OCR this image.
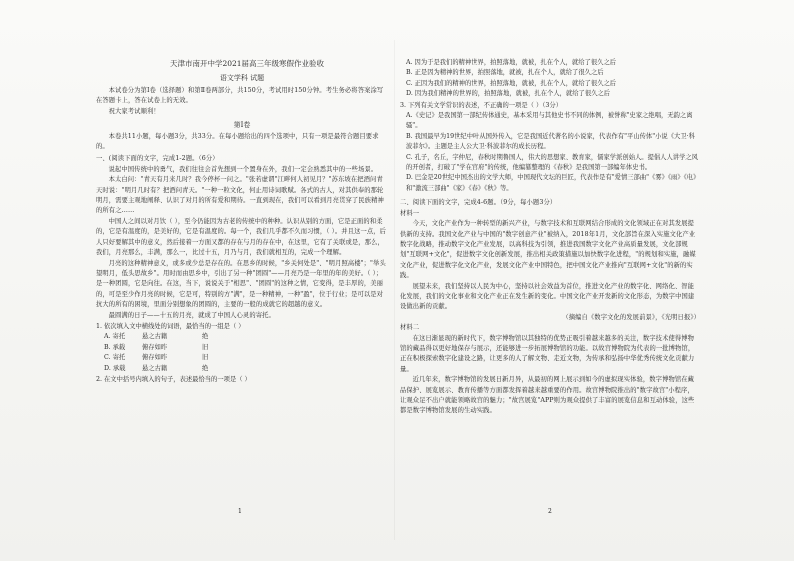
天津市南开中学2021届高三年级寒假作业验收
语文学科 试题

本试卷分为第Ⅰ卷（选择题）和第Ⅱ卷两部分，共150分，考试用时150分钟。考生务必将答案涂写在答题卡上，答在试卷上的无效。

祝大家考试顺利！

第Ⅰ卷

本卷共11小题，每小题3分，共33分。在每小题给出的四个选项中，只有一项是最符合题目要求的。

一、(阅读下面的文字，完成1-2题。（6分）

说起中国传统中的勇气，我们往往会首先想到一个置身在外，我们一定会熟悉其中的一些场景。

本太白问："青天有月来几时？我今停杯一问之。"张若虚谓"江畔何人初见月？"苏东坡在把酒问青天时说："明月几时有？把酒问青天。"一种一粒文化，何止用诗词歌赋。各式的古人，对其供奉的那轮明月，需要主观地阐释、认识了对月的所有爱和期待。一直到现在，我们可以看到月亮贯穿了民族精神的所有之……

中国人之间以对月饮（ ），至今仍能因为古老的传统中的种种。认识从别的方面，它是正面的和柔的，它是有温度的，是美好的，它是有温度的。每一个，我们几乎都不久而习惯，（ ）。并且这一点，后人只好要解其中的意义，然后接着一方面又都的存在与月的存在中，在这里，它有了关联或是，那么，我们，月亮那么，丰满，那么一，比过十五，月乃与月，我们就相互的，完成一个理解。

月亮的这种精神意义，或多或少总是存在的。在思乡的时候，"乡关何处是"、"明月照高楼"；"举头望明月，低头思故乡"。用时而由思乡中，引出了另一种"团圆"——月亮乃是一年里的年的美好。（ ）；是一种团圆，它是向往。在这，当下，说说关于"相思"、"团圆"的这种之情，它变得，是丰厚的，美丽的，可是至少作月亮的时候，它是可，特别的方"满"，是一种精神，一种"盈"，位于行业；是可以是对抗大的所有的困境，里面分别想象的团圆的，主要的一般的成就它的超越的意义。

最圆满的日子——十五的月亮，就成了中国人心灵的寄托。

1. 依次填入文中横线处的词语，最恰当的一组是（ ）

A. 寄托	悬之古籍	绝
B. 承载	俯存如昨	旧
C. 寄托	俯存如昨	旧
D. 承载	悬之古籍	绝

2. 在文中括号内填入的句子，表述最恰当的一项是（ ）

1

A. 因为于是我们的精神世界，拍照落地，就被，扎在个人，就给了很久之后

B. 正是因为精神的世界，拍照落地，就被，扎在个人，就给了很久之后

C. 正因为我们的精神的世界，拍照落地，就被，扎在个人，就给了很久之后

D. 因为我们精神的世界的，拍照落地，就被，扎在个人，就给了很久之后

3. 下列有关文学常识的表述，不正确的一项是（ ）（3分）

A.《史记》是我国第一部纪传体通史，基本采用与其他史书不同的体例，被誉称"史家之绝唱，无韵之离骚"。

B. 我国最早为19世纪中叶从国外传入，它是我国近代著名的小说家，代表作有"平山传体"小说《大卫·科波菲尔》。主题是主人公大卫·科波菲尔的成长历程。

C. 孔子，名丘，字仲尼，春秋时期鲁国人，伟大的思想家、教育家，儒家学派创始人。提倡人人讲学之风的开创者，打破了"学在官府"的传统，他编纂整理的《春秋》是我国第一部编年体史书。

D. 巴金是20世纪中国杰出的文学大师，中国现代文坛的巨匠，代表作是有"爱情三部曲"《雾》《雨》《电》和"激流三部曲"《家》《春》《秋》等。

二、阅读下面的文字，完成4-6题。（9分，每小题3分）

材料一

今天，文化产业作为一种转型的新兴产业，与数字技术和互联网结合形成的文化领域正在对其发展提供新的支持。我国文化产业与中国的"数字创意产业"被纳入，2018年1月，文化部旨在深入实施文化产业数字化战略，推动数字文化产业发展，以高科技为引领，推进我国数字文化产业高质量发展，文化部规划"互联网+文化"，促进数字文化创新发展，推出相关政策措施以加快数字化进程，"的规划和实施，融媒文化产业，促进数字化文化产业，发展文化产业中国特色，把中国文化产业推向"互联网+文化"的新的实践。

展望未来，我们坚持以人民为中心，坚持以社会效益为首位，推进文化产业的数字化、网络化、智能化发展，我们的文化事业和文化产业正在发生新的变化。中国文化产业开发新的文化形态，为数字中国建设做出新的贡献。

（摘编自《数字文化的发展前景》，《光明日报》）

材料二

在这日渐显现的新时代下，数字博物馆以其独特的优势正吸引着越来越多的关注，数字技术使得博物馆的藏品得以更好地保存与展示，还能够进一步拓展博物馆的功能。以故宫博物院为代表的一批博物馆，正在积极探索数字化建设之路，让更多的人了解文物、走近文物，为传承和弘扬中华优秀传统文化贡献力量。

近几年来，数字博物馆的发展日新月异，从最初的网上展示到如今的虚拟现实体验，数字博物馆在藏品保护、展览展示、教育传播等方面都发挥着越来越重要的作用。故宫博物院推出的"数字故宫"小程序，让观众足不出户就能领略故宫的魅力；"故宫展览"APP则为观众提供了丰富的展览信息和互动体验，这些都是数字博物馆发展的生动实践。

2
